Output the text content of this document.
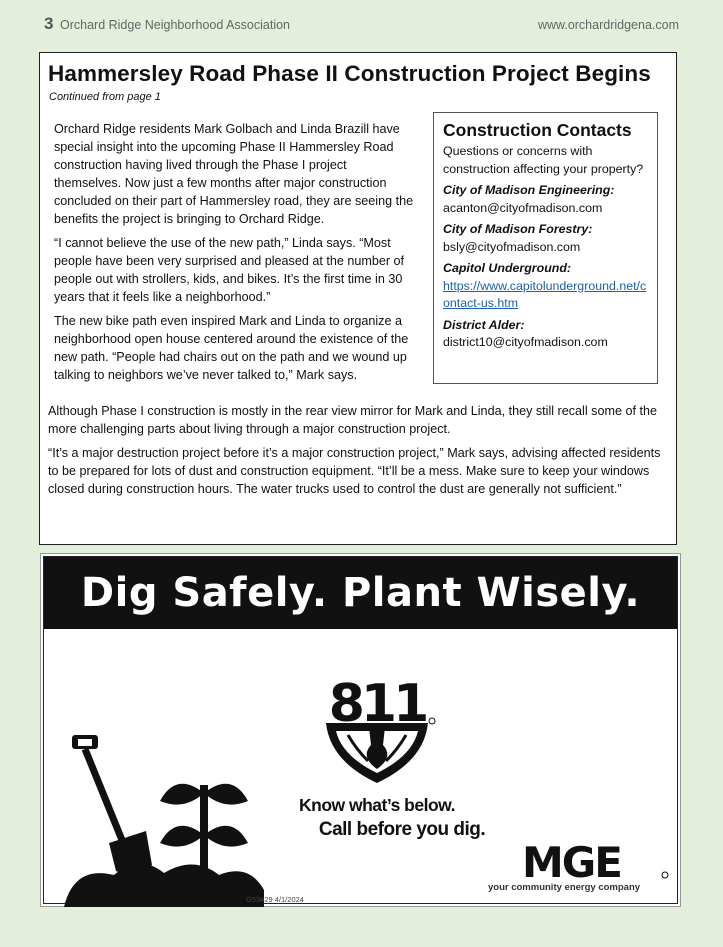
3 Orchard Ridge Neighborhood Association	www.orchardridgena.com
Hammersley Road Phase II Construction Project Begins
Continued from page 1

Orchard Ridge residents Mark Golbach and Linda Brazill have special insight into the upcoming Phase II Hammersley Road construction having lived through the Phase I project themselves. Now just a few months after major construction concluded on their part of Hammersley road, they are seeing the benefits the project is bringing to Orchard Ridge.

“I cannot believe the use of the new path,” Linda says. “Most people have been very surprised and pleased at the number of people out with strollers, kids, and bikes. It’s the first time in 30 years that it feels like a neighborhood.”

The new bike path even inspired Mark and Linda to organize a neighborhood open house centered around the existence of the new path. “People had chairs out on the path and we wound up talking to neighbors we’ve never talked to,” Mark says.

Construction Contacts
Questions or concerns with construction affecting your property?
City of Madison Engineering:
acanton@cityofmadison.com
City of Madison Forestry:
bsly@cityofmadison.com
Capitol Underground:
https://www.capitolunderground.net/contact-us.htm
District Alder:
district10@cityofmadison.com

Although Phase I construction is mostly in the rear view mirror for Mark and Linda, they still recall some of the more challenging parts about living through a major construction project.

“It’s a major destruction project before it’s a major construction project,” Mark says, advising affected residents to be prepared for lots of dust and construction equipment. “It’ll be a mess. Make sure to keep your windows closed during construction hours. The water trucks used to control the dust are generally not sufficient.”

Dig Safely. Plant Wisely.
811
Know what’s below.
Call before you dig.
G53429 4/1/2024
MGE
your community energy company
